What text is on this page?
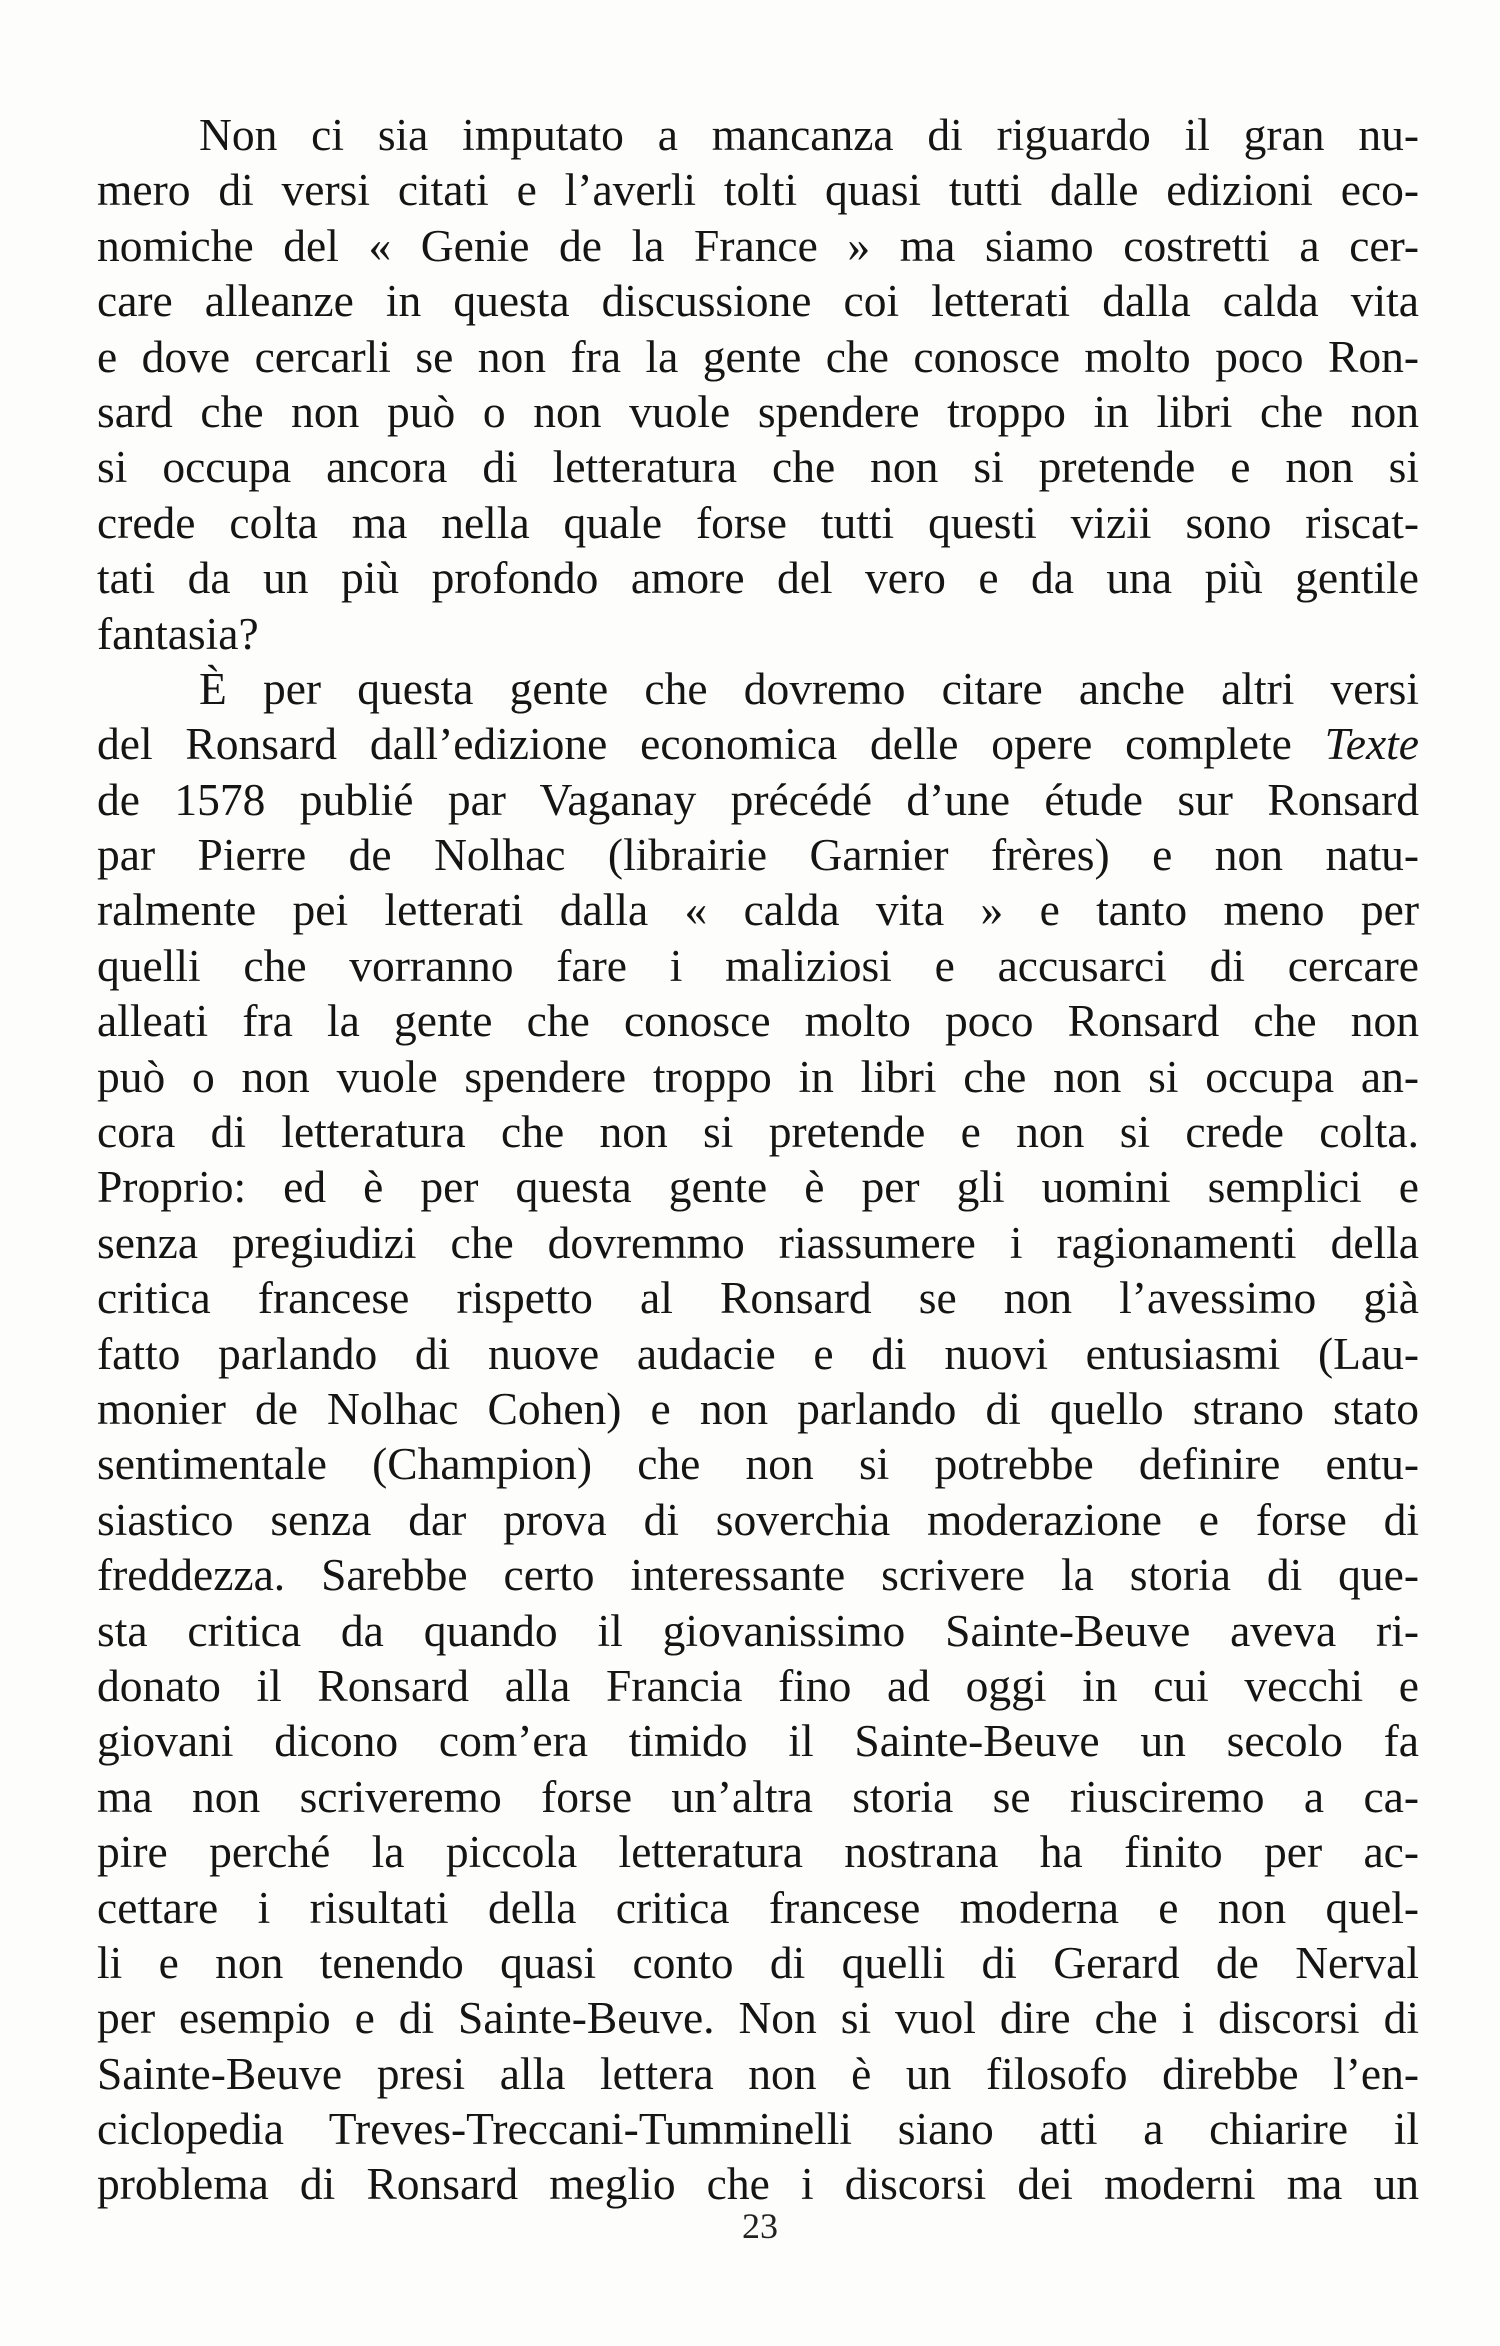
Non ci sia imputato a mancanza di riguardo il gran nu-
mero di versi citati e l’averli tolti quasi tutti dalle edizioni eco-
nomiche del « Genie de la France » ma siamo costretti a cer-
care alleanze in questa discussione coi letterati dalla calda vita
e dove cercarli se non fra la gente che conosce molto poco Ron-
sard che non può o non vuole spendere troppo in libri che non
si occupa ancora di letteratura che non si pretende e non si
crede colta ma nella quale forse tutti questi vizii sono riscat-
tati da un più profondo amore del vero e da una più gentile
fantasia?
È per questa gente che dovremo citare anche altri versi
del Ronsard dall’edizione economica delle opere complete Texte
de 1578 publié par Vaganay précédé d’une étude sur Ronsard
par Pierre de Nolhac (librairie Garnier frères) e non natu-
ralmente pei letterati dalla « calda vita » e tanto meno per
quelli che vorranno fare i maliziosi e accusarci di cercare
alleati fra la gente che conosce molto poco Ronsard che non
può o non vuole spendere troppo in libri che non si occupa an-
cora di letteratura che non si pretende e non si crede colta.
Proprio: ed è per questa gente è per gli uomini semplici e
senza pregiudizi che dovremmo riassumere i ragionamenti della
critica francese rispetto al Ronsard se non l’avessimo già
fatto parlando di nuove audacie e di nuovi entusiasmi (Lau-
monier de Nolhac Cohen) e non parlando di quello strano stato
sentimentale (Champion) che non si potrebbe definire entu-
siastico senza dar prova di soverchia moderazione e forse di
freddezza. Sarebbe certo interessante scrivere la storia di que-
sta critica da quando il giovanissimo Sainte-Beuve aveva ri-
donato il Ronsard alla Francia fino ad oggi in cui vecchi e
giovani dicono com’era timido il Sainte-Beuve un secolo fa
ma non scriveremo forse un’altra storia se riusciremo a ca-
pire perché la piccola letteratura nostrana ha finito per ac-
cettare i risultati della critica francese moderna e non quel-
li e non tenendo quasi conto di quelli di Gerard de Nerval
per esempio e di Sainte-Beuve. Non si vuol dire che i discorsi di
Sainte-Beuve presi alla lettera non è un filosofo direbbe l’en-
ciclopedia Treves-Treccani-Tumminelli siano atti a chiarire il
problema di Ronsard meglio che i discorsi dei moderni ma un
23
